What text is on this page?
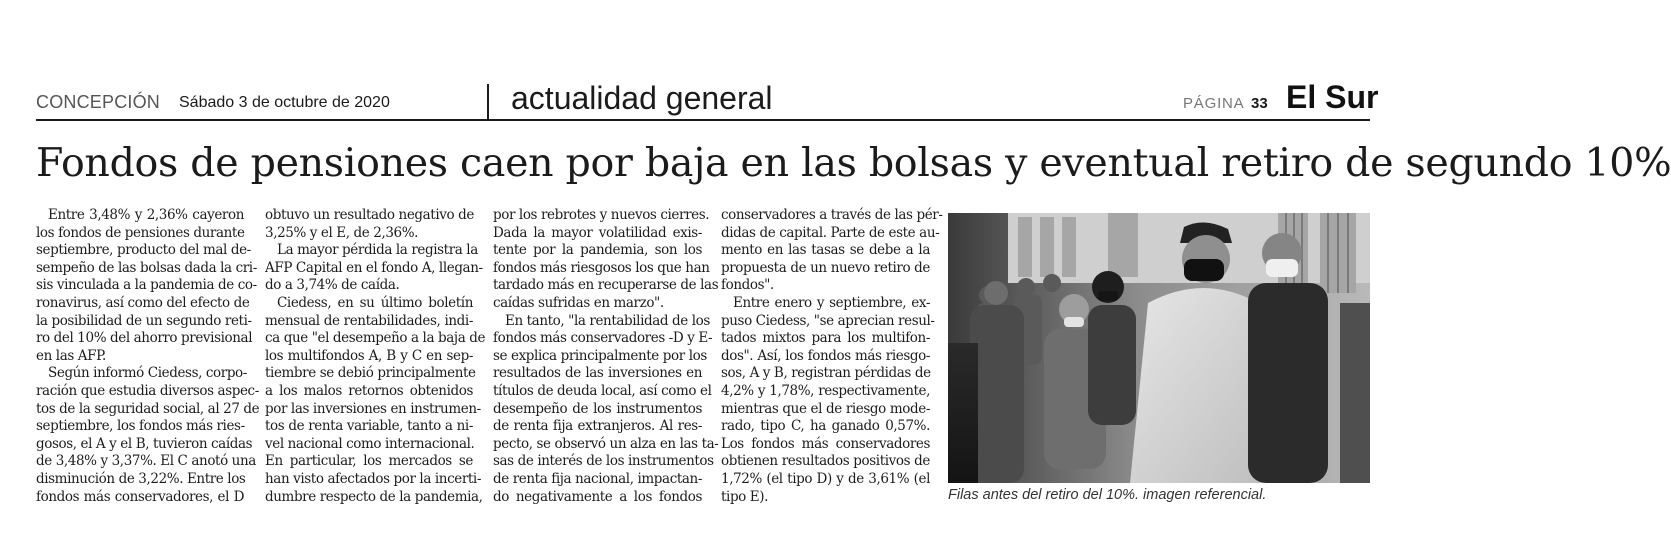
CONCEPCIÓN Sábado 3 de octubre de 2020	actualidad general	PÁGINA 33 El Sur
Fondos de pensiones caen por baja en las bolsas y eventual retiro de segundo 10%
Entre 3,48% y 2,36% cayeron
los fondos de pensiones durante
septiembre, producto del mal de-
sempeño de las bolsas dada la cri-
sis vinculada a la pandemia de co-
ronavirus, así como del efecto de
la posibilidad de un segundo reti-
ro del 10% del ahorro previsional
en las AFP.
Según informó Ciedess, corpo-
ración que estudia diversos aspec-
tos de la seguridad social, al 27 de
septiembre, los fondos más ries-
gosos, el A y el B, tuvieron caídas
de 3,48% y 3,37%. El C anotó una
disminución de 3,22%. Entre los
fondos más conservadores, el D
obtuvo un resultado negativo de
3,25% y el E, de 2,36%.
La mayor pérdida la registra la
AFP Capital en el fondo A, llegan-
do a 3,74% de caída.
Ciedess, en su último boletín
mensual de rentabilidades, indi-
ca que "el desempeño a la baja de
los multifondos A, B y C en sep-
tiembre se debió principalmente
a los malos retornos obtenidos
por las inversiones en instrumen-
tos de renta variable, tanto a ni-
vel nacional como internacional.
En particular, los mercados se
han visto afectados por la incerti-
dumbre respecto de la pandemia,
por los rebrotes y nuevos cierres.
Dada la mayor volatilidad exis-
tente por la pandemia, son los
fondos más riesgosos los que han
tardado más en recuperarse de las
caídas sufridas en marzo".
En tanto, "la rentabilidad de los
fondos más conservadores -D y E-
se explica principalmente por los
resultados de las inversiones en
títulos de deuda local, así como el
desempeño de los instrumentos
de renta fija extranjeros. Al res-
pecto, se observó un alza en las ta-
sas de interés de los instrumentos
de renta fija nacional, impactan-
do negativamente a los fondos
conservadores a través de las pér-
didas de capital. Parte de este au-
mento en las tasas se debe a la
propuesta de un nuevo retiro de
fondos".
Entre enero y septiembre, ex-
puso Ciedess, "se aprecian resul-
tados mixtos para los multifon-
dos". Así, los fondos más riesgo-
sos, A y B, registran pérdidas de
4,2% y 1,78%, respectivamente,
mientras que el de riesgo mode-
rado, tipo C, ha ganado 0,57%.
Los fondos más conservadores
obtienen resultados positivos de
1,72% (el tipo D) y de 3,61% (el
tipo E).	Filas antes del retiro del 10%. imagen referencial.
